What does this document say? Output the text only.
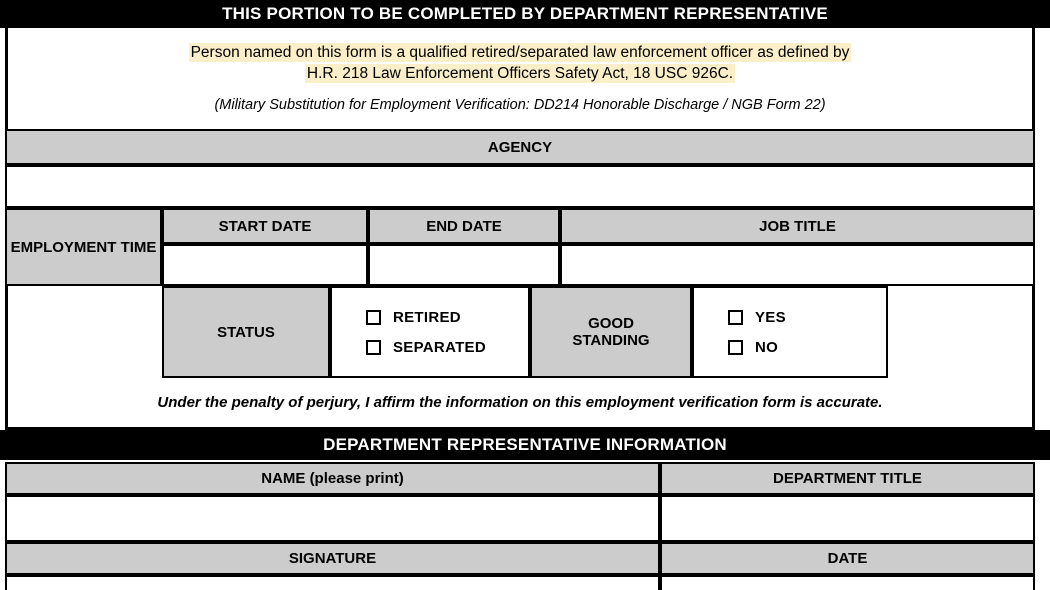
THIS PORTION TO BE COMPLETED BY DEPARTMENT REPRESENTATIVE
Person named on this form is a qualified retired/separated law enforcement officer as defined by
H.R. 218 Law Enforcement Officers Safety Act, 18 USC 926C.
(Military Substitution for Employment Verification: DD214 Honorable Discharge / NGB Form 22)
AGENCY
EMPLOYMENT TIME
START DATE	END DATE	JOB TITLE
STATUS
RETIRED
SEPARATED
GOOD
STANDING
YES
NO
Under the penalty of perjury, I affirm the information on this employment verification form is accurate.
DEPARTMENT REPRESENTATIVE INFORMATION
NAME (please print)	DEPARTMENT TITLE
SIGNATURE	DATE
